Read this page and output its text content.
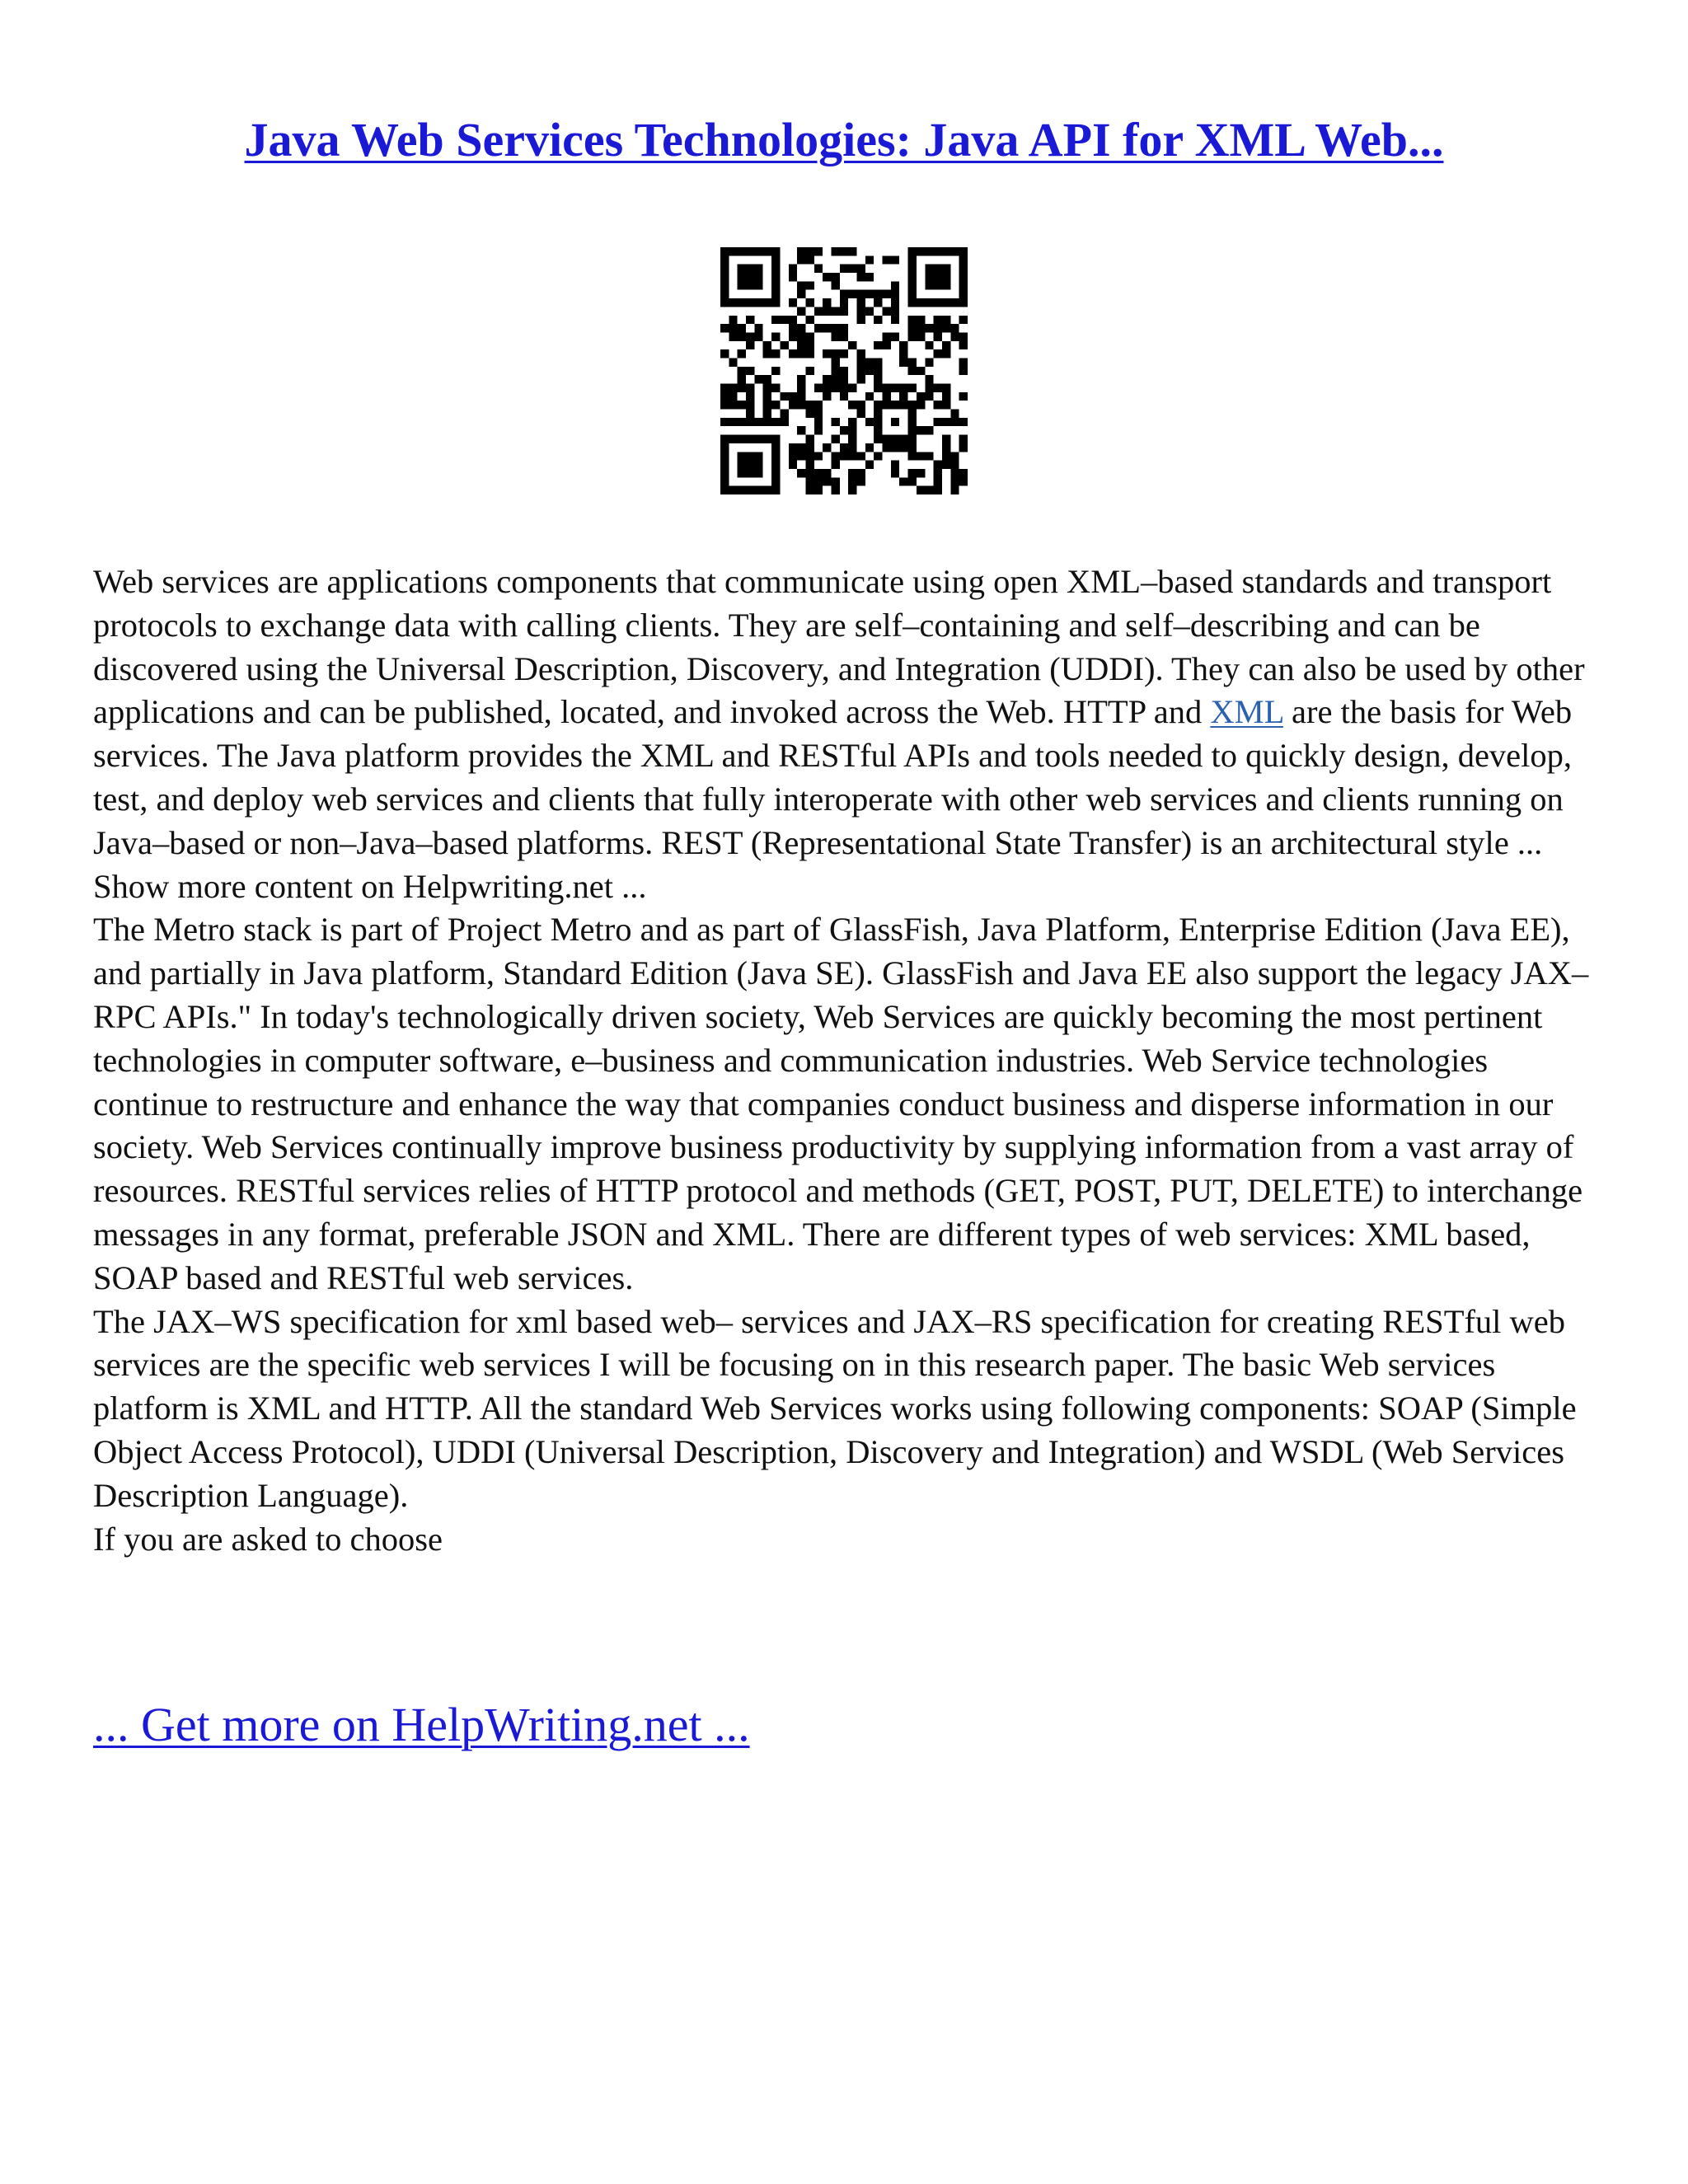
Java Web Services Technologies: Java API for XML Web...

Web services are applications components that communicate using open XML–based standards and transport protocols to exchange data with calling clients. They are self–containing and self–describing and can be discovered using the Universal Description, Discovery, and Integration (UDDI). They can also be used by other applications and can be published, located, and invoked across the Web. HTTP and XML are the basis for Web services. The Java platform provides the XML and RESTful APIs and tools needed to quickly design, develop, test, and deploy web services and clients that fully interoperate with other web services and clients running on Java–based or non–Java–based platforms. REST (Representational State Transfer) is an architectural style ... Show more content on Helpwriting.net ...

The Metro stack is part of Project Metro and as part of GlassFish, Java Platform, Enterprise Edition (Java EE), and partially in Java platform, Standard Edition (Java SE). GlassFish and Java EE also support the legacy JAX–RPC APIs." In today's technologically driven society, Web Services are quickly becoming the most pertinent technologies in computer software, e–business and communication industries. Web Service technologies continue to restructure and enhance the way that companies conduct business and disperse information in our society. Web Services continually improve business productivity by supplying information from a vast array of resources. RESTful services relies of HTTP protocol and methods (GET, POST, PUT, DELETE) to interchange messages in any format, preferable JSON and XML. There are different types of web services: XML based, SOAP based and RESTful web services.

The JAX–WS specification for xml based web– services and JAX–RS specification for creating RESTful web services are the specific web services I will be focusing on in this research paper. The basic Web services platform is XML and HTTP. All the standard Web Services works using following components: SOAP (Simple Object Access Protocol), UDDI (Universal Description, Discovery and Integration) and WSDL (Web Services Description Language).

If you are asked to choose

... Get more on HelpWriting.net ...
